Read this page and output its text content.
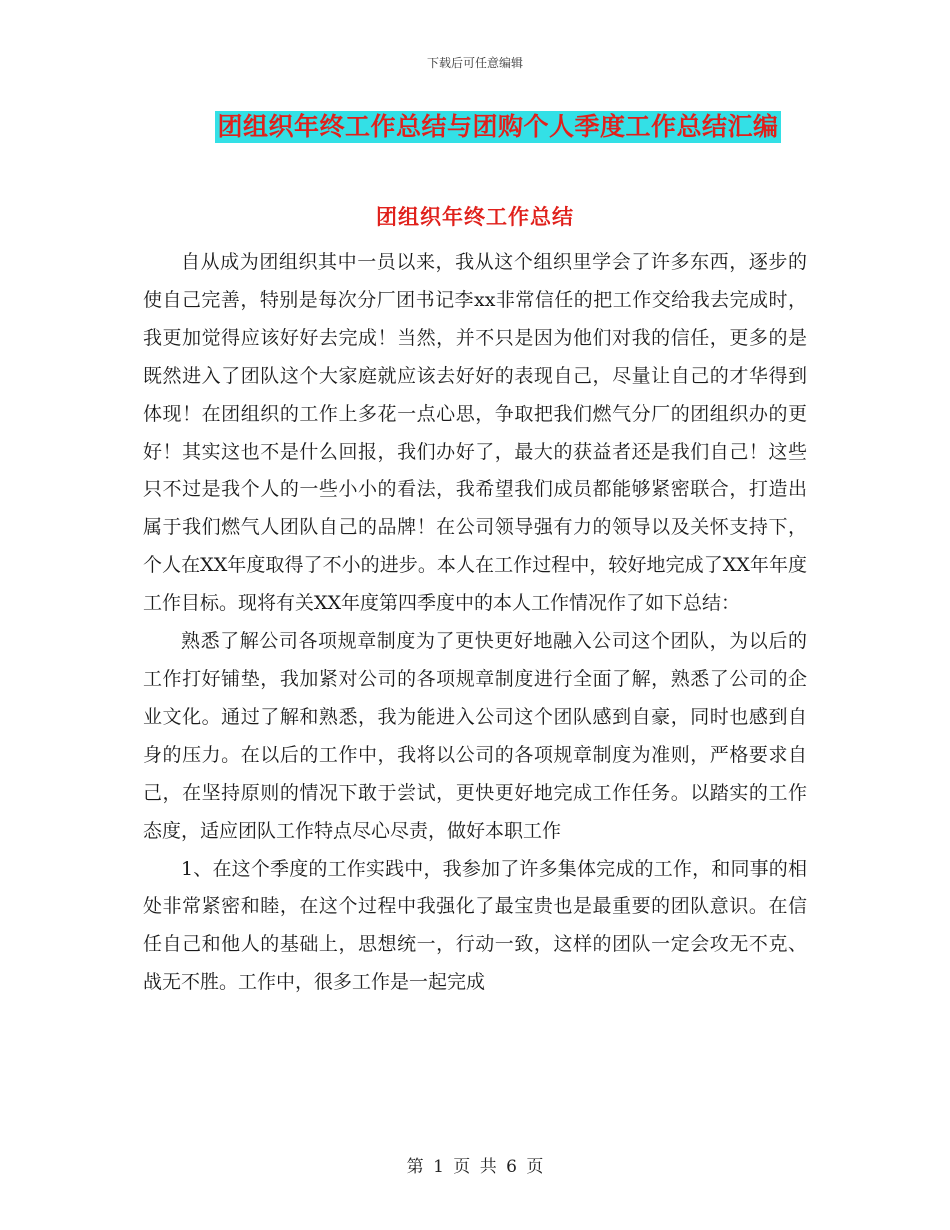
下载后可任意编辑
团组织年终工作总结与团购个人季度工作总结汇编
团组织年终工作总结

自从成为团组织其中一员以来，我从这个组织里学会了许多东西，逐步的使自己完善，特别是每次分厂团书记李xx非常信任的把工作交给我去完成时，我更加觉得应该好好去完成！当然，并不只是因为他们对我的信任，更多的是既然进入了团队这个大家庭就应该去好好的表现自己，尽量让自己的才华得到体现！在团组织的工作上多花一点心思，争取把我们燃气分厂的团组织办的更好！其实这也不是什么回报，我们办好了，最大的获益者还是我们自己！这些只不过是我个人的一些小小的看法，我希望我们成员都能够紧密联合，打造出属于我们燃气人团队自己的品牌！在公司领导强有力的领导以及关怀支持下，个人在XX年度取得了不小的进步。本人在工作过程中，较好地完成了XX年年度工作目标。现将有关XX年度第四季度中的本人工作情况作了如下总结：

熟悉了解公司各项规章制度为了更快更好地融入公司这个团队，为以后的工作打好铺垫，我加紧对公司的各项规章制度进行全面了解，熟悉了公司的企业文化。通过了解和熟悉，我为能进入公司这个团队感到自豪，同时也感到自身的压力。在以后的工作中，我将以公司的各项规章制度为准则，严格要求自己，在坚持原则的情况下敢于尝试，更快更好地完成工作任务。以踏实的工作态度，适应团队工作特点尽心尽责，做好本职工作

1、在这个季度的工作实践中，我参加了许多集体完成的工作，和同事的相处非常紧密和睦，在这个过程中我强化了最宝贵也是最重要的团队意识。在信任自己和他人的基础上，思想统一，行动一致，这样的团队一定会攻无不克、战无不胜。工作中，很多工作是一起完成

第 1 页 共 6 页
